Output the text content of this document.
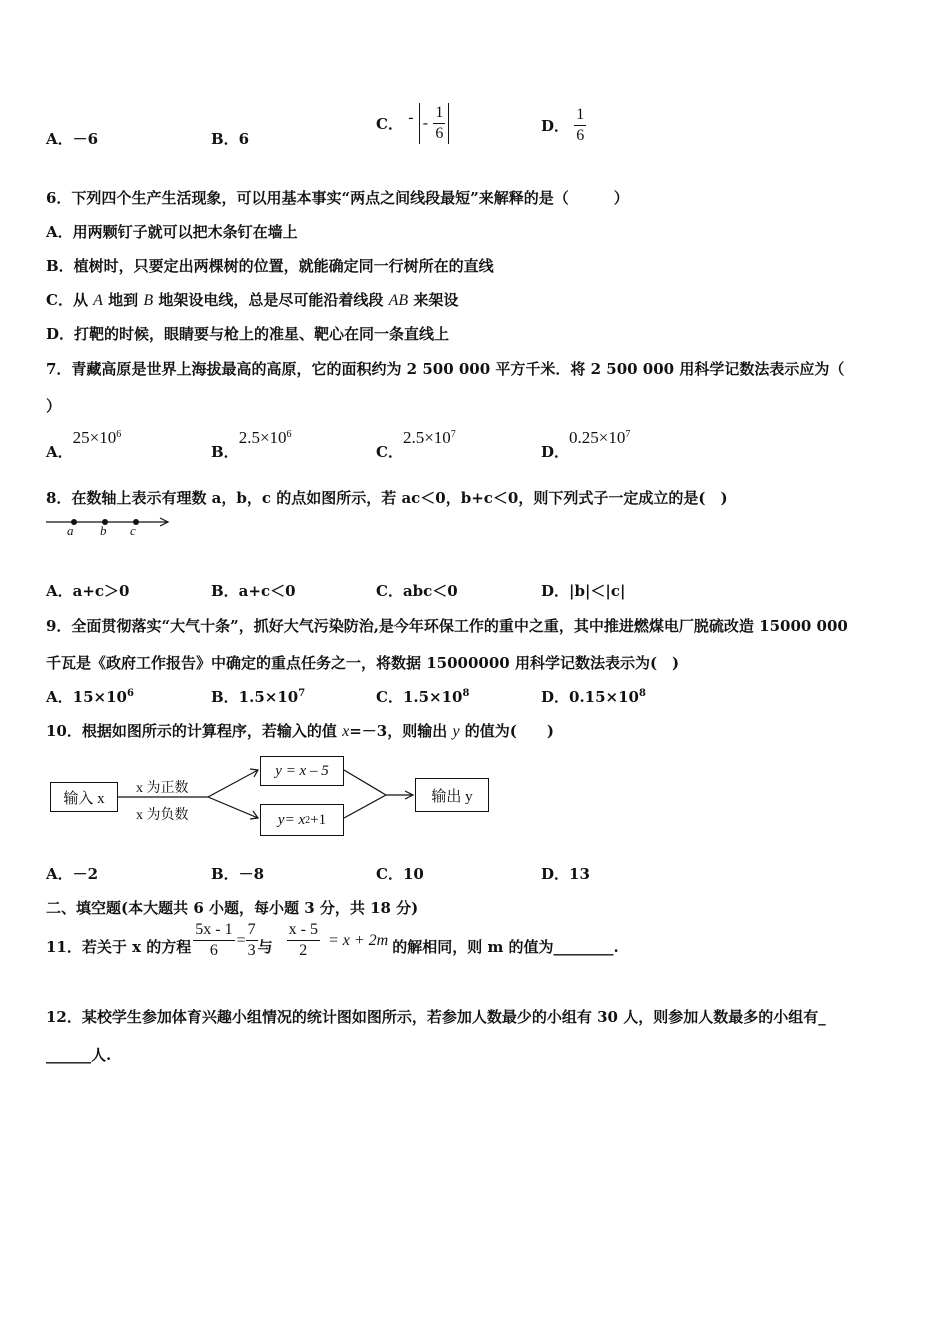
A．－6	B．6
C． - - $\frac{1}{6}$	D． $\frac{1}{6}$
6．下列四个生产生活现象，可以用基本事实“两点之间线段最短”来解释的是（　　　）
A．用两颗钉子就可以把木条钉在墙上
B．植树时，只要定出两棵树的位置，就能确定同一行树所在的直线
C．从 A 地到 B 地架设电线，总是尽可能沿着线段 AB 来架设
D．打靶的时候，眼睛要与枪上的准星、靶心在同一条直线上
7．青藏高原是世界上海拔最高的高原，它的面积约为 2 500 000 平方千米．将 2 500 000 用科学记数法表示应为（
）
A．$25\times 10^6$
B．$2.5\times 10^6$
C．$2.5\times 10^7$
D．$0.25\times 10^7$
8．在数轴上表示有理数 a，b，c 的点如图所示，若 ac＜0，b+c＜0，则下列式子一定成立的是(　)
a b c
A．a+c＞0	B．a+c＜0	C．abc＜0	D．|b|＜|c|
9．全面贯彻落实“大气十条”，抓好大气污染防治,是今年环保工作的重中之重，其中推进燃煤电厂脱硫改造 15000 000
千瓦是《政府工作报告》中确定的重点任务之一，将数据 15000000 用科学记数法表示为(　)
A．$15\times 10^6$	B．$1.5\times 10^7$	C．$1.5\times 10^8$	D．$0.15\times 10^8$
10．根据如图所示的计算程序，若输入的值 x=－3，则输出 y 的值为(　　)
输入 x
x 为正数
x 为负数
y = x – 5
y= x 2 +1
输出 y
A．－2	B．－8	C．10	D．13
二、填空题(本大题共 6 小题，每小题 3 分，共 18 分)
11．若关于 x 的方程 $\frac{5x - 1}{6} = \frac{7}{3}$ 与 $\frac{x - 5}{2} = x + 2m$ 的解相同，则 m 的值为________.
12．某校学生参加体育兴趣小组情况的统计图如图所示，若参加人数最少的小组有 30 人，则参加人数最多的小组有_
______人.
